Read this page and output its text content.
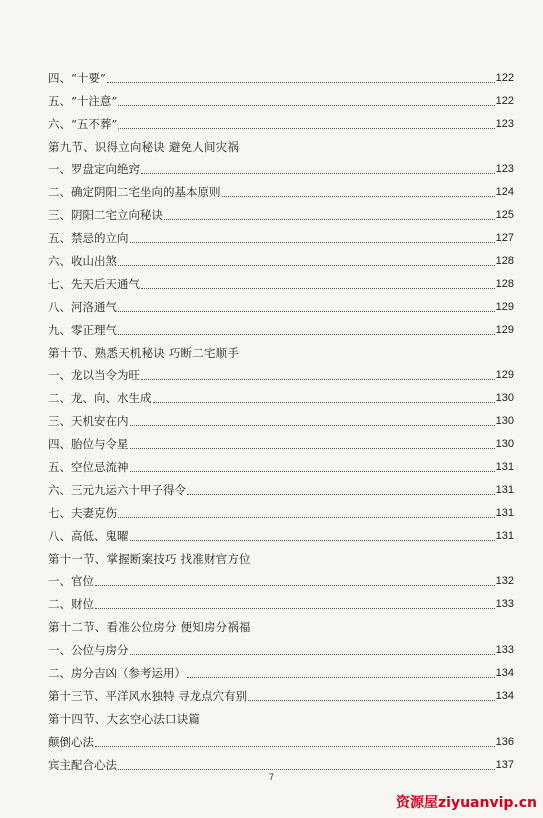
四、“十要”	122
五、“十注意”	122
六、“五不葬”	123
第九节、识得立向秘诀 避免人间灾祸
一、罗盘定向绝窍	123
二、确定阴阳二宅坐向的基本原则	124
三、阴阳二宅立向秘诀	125
五、禁忌的立向	127
六、收山出煞	128
七、先天后天通气	128
八、河洛通气	129
九、零正理气	129
第十节、熟悉天机秘诀 巧断二宅顺手
一、龙以当令为旺	129
二、龙、向、水生成	130
三、天机安在内	130
四、胎位与令星	130
五、空位忌流神	131
六、三元九运六十甲子得令	131
七、夫妻克伤	131
八、高低、鬼曜	131
第十一节、掌握断案技巧 找准财官方位
一、官位	132
二、财位	133
第十二节、看准公位房分 便知房分祸福
一、公位与房分	133
二、房分吉凶（参考运用）	134
第十三节、平洋风水独特 寻龙点穴有别	134
第十四节、大玄空心法口诀篇
颠倒心法	136
宾主配合心法	137
7
资源屋ziyuanvip.cn
